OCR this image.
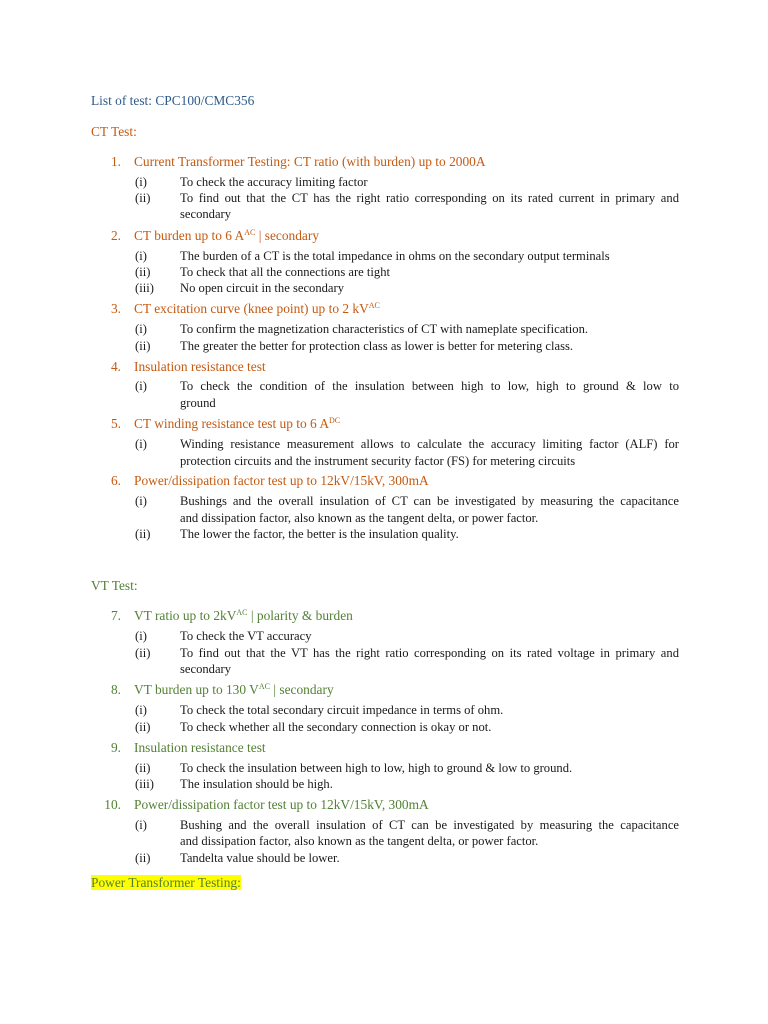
List of test: CPC100/CMC356
CT Test:
1. Current Transformer Testing: CT ratio (with burden) up to 2000A
(i)	To check the accuracy limiting factor
(ii) To find out that the CT has the right ratio corresponding on its rated current in primary and
secondary
2. CT burden up to 6 $A^{AC}$ | secondary
(i)	The burden of a CT is the total impedance in ohms on the secondary output terminals
(ii) To check that all the connections are tight
(iii) No open circuit in the secondary
3. CT excitation curve (knee point) up to 2 $kV^{AC}$
(i)	To confirm the magnetization characteristics of CT with nameplate specification.
(ii) The greater the better for protection class as lower is better for metering class.
4. Insulation resistance test
(i)	To check the condition of the insulation between high to low, high to ground & low to
ground
5. CT winding resistance test up to 6 $A^{DC}$
(i)	Winding resistance measurement allows to calculate the accuracy limiting factor (ALF) for
protection circuits and the instrument security factor (FS) for metering circuits
6. Power/dissipation factor test up to 12kV/15kV, 300mA
(i)	Bushings and the overall insulation of CT can be investigated by measuring the capacitance
and dissipation factor, also known as the tangent delta, or power factor.
(ii) The lower the factor, the better is the insulation quality.
VT Test:
7. VT ratio up to $2kV^{AC}$ | polarity & burden
(i)	To check the VT accuracy
(ii) To find out that the VT has the right ratio corresponding on its rated voltage in primary and
secondary
8. VT burden up to 130 $V^{AC}$ | secondary
(i)	To check the total secondary circuit impedance in terms of ohm.
(ii) To check whether all the secondary connection is okay or not.
9. Insulation resistance test
(ii) To check the insulation between high to low, high to ground & low to ground.
(iii) The insulation should be high.
10. Power/dissipation factor test up to 12kV/15kV, 300mA
(i)	Bushing and the overall insulation of CT can be investigated by measuring the capacitance
and dissipation factor, also known as the tangent delta, or power factor.
(ii) Tandelta value should be lower.
Power Transformer Testing:
